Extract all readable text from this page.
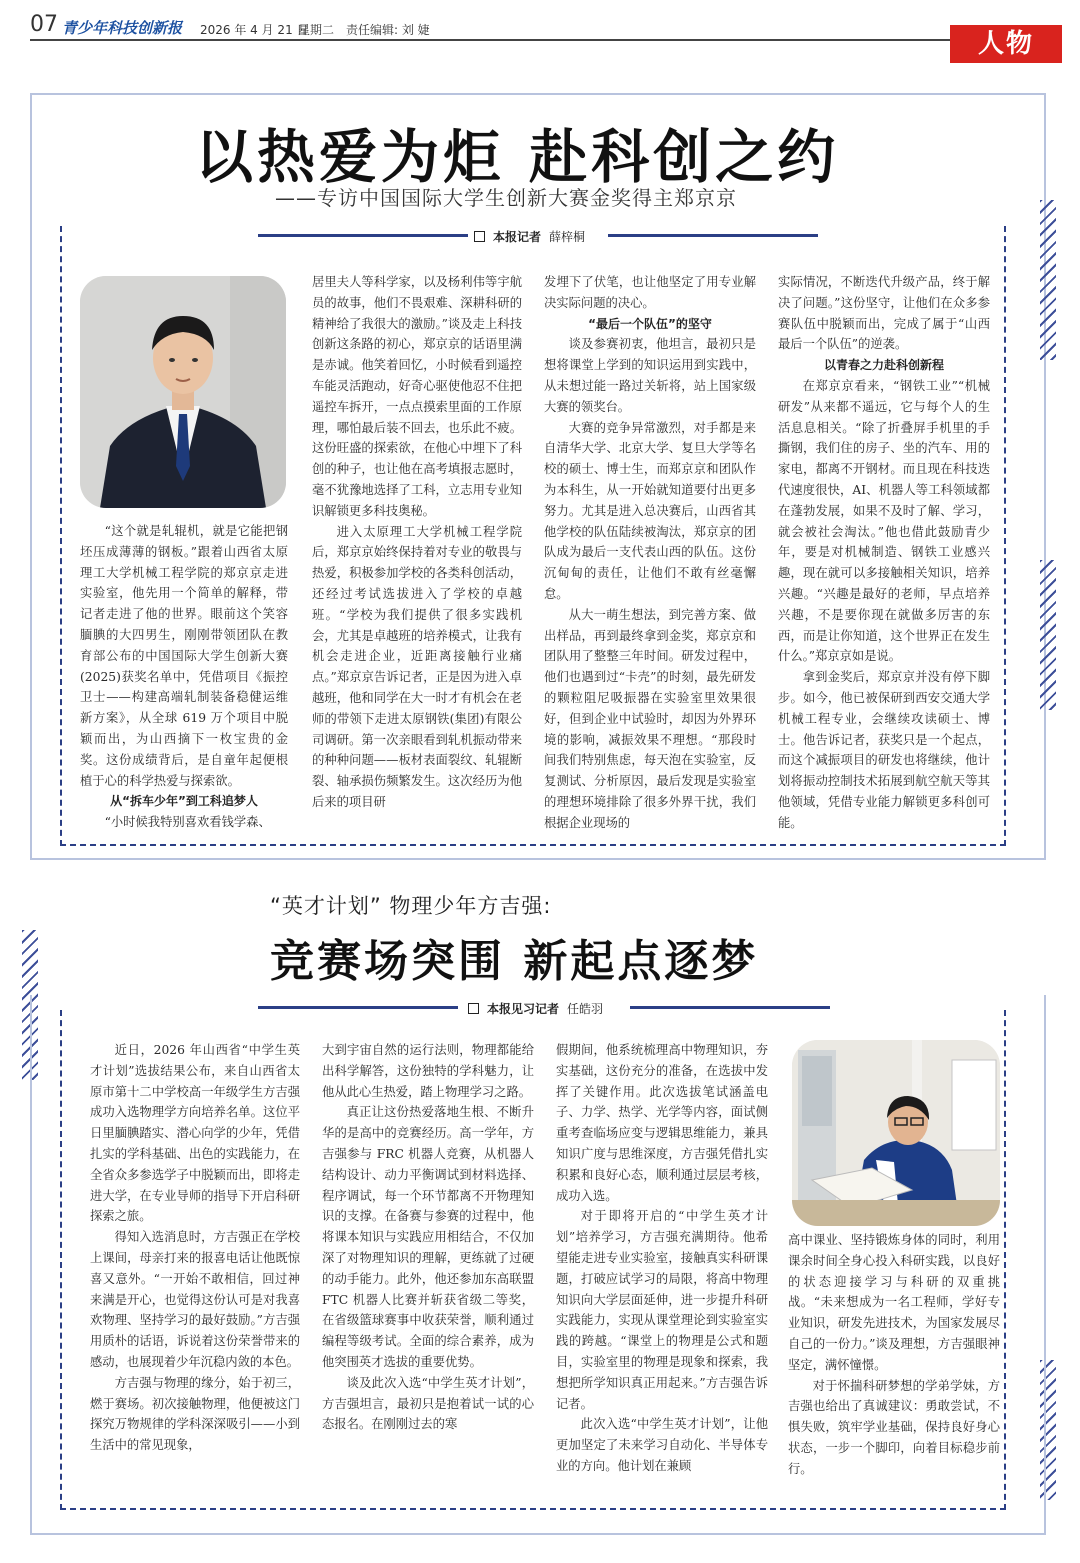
07 青少年科技创新报 2026 年 4 月 21 日
星期二 责任编辑: 刘 婕	人物
以热爱为炬 赴科创之约
——专访中国国际大学生创新大赛金奖得主郑京京
本报记者 薛梓桐

“这个就是轧辊机，就是它能把钢坯压成薄薄的钢板。”跟着山西省太原理工大学机械工程学院的郑京京走进实验室，他先用一个简单的解释，带记者走进了他的世界。眼前这个笑容腼腆的大四男生，刚刚带领团队在教育部公布的中国国际大学生创新大赛(2025)获奖名单中，凭借项目《振控卫士——构建高端轧制装备稳健运维新方案》，从全球 619 万个项目中脱颖而出，为山西摘下一枚宝贵的金奖。这份成绩背后，是自童年起便根植于心的科学热爱与探索欲。

从“拆车少年”到工科追梦人

“小时候我特别喜欢看钱学森、

居里夫人等科学家，以及杨利伟等宇航员的故事，他们不畏艰难、深耕科研的精神给了我很大的激励。”谈及走上科技创新这条路的初心，郑京京的话语里满是赤诚。他笑着回忆，小时候看到遥控车能灵活跑动，好奇心驱使他忍不住把遥控车拆开，一点点摸索里面的工作原理，哪怕最后装不回去，也乐此不疲。这份旺盛的探索欲，在他心中埋下了科创的种子，也让他在高考填报志愿时，毫不犹豫地选择了工科，立志用专业知识解锁更多科技奥秘。

进入太原理工大学机械工程学院后，郑京京始终保持着对专业的敬畏与热爱，积极参加学校的各类科创活动，还经过考试选拔进入了学校的卓越班。“学校为我们提供了很多实践机会，尤其是卓越班的培养模式，让我有机会走进企业，近距离接触行业痛点。”郑京京告诉记者，正是因为进入卓越班，他和同学在大一时才有机会在老师的带领下走进太原钢铁(集团)有限公司调研。第一次亲眼看到轧机振动带来的种种问题——板材表面裂纹、轧辊断裂、轴承损伤频繁发生。这次经历为他后来的项目研

发埋下了伏笔，也让他坚定了用专业解决实际问题的决心。

“最后一个队伍”的坚守

谈及参赛初衷，他坦言，最初只是想将课堂上学到的知识运用到实践中，从未想过能一路过关斩将，站上国家级大赛的领奖台。

大赛的竞争异常激烈，对手都是来自清华大学、北京大学、复旦大学等名校的硕士、博士生，而郑京京和团队作为本科生，从一开始就知道要付出更多努力。尤其是进入总决赛后，山西省其他学校的队伍陆续被淘汰，郑京京的团队成为最后一支代表山西的队伍。这份沉甸甸的责任，让他们不敢有丝毫懈怠。

从大一萌生想法，到完善方案、做出样品，再到最终拿到金奖，郑京京和团队用了整整三年时间。研发过程中，他们也遇到过“卡壳”的时刻，最先研发的颗粒阻尼吸振器在实验室里效果很好，但到企业中试验时，却因为外界环境的影响，减振效果不理想。“那段时间我们特别焦虑，每天泡在实验室，反复测试、分析原因，最后发现是实验室的理想环境排除了很多外界干扰，我们根据企业现场的

实际情况，不断迭代升级产品，终于解决了问题。”这份坚守，让他们在众多参赛队伍中脱颖而出，完成了属于“山西最后一个队伍”的逆袭。

以青春之力赴科创新程

在郑京京看来，“钢铁工业”“机械研发”从来都不遥远，它与每个人的生活息息相关。“除了折叠屏手机里的手撕钢，我们住的房子、坐的汽车、用的家电，都离不开钢材。而且现在科技迭代速度很快，AI、机器人等工科领域都在蓬勃发展，如果不及时了解、学习，就会被社会淘汰。”他也借此鼓励青少年，要是对机械制造、钢铁工业感兴趣，现在就可以多接触相关知识，培养兴趣。“兴趣是最好的老师，早点培养兴趣，不是要你现在就做多厉害的东西，而是让你知道，这个世界正在发生什么。”郑京京如是说。

拿到金奖后，郑京京并没有停下脚步。如今，他已被保研到西安交通大学机械工程专业，会继续攻读硕士、博士。他告诉记者，获奖只是一个起点，而这个减振项目的研发也将继续，他计划将振动控制技术拓展到航空航天等其他领域，凭借专业能力解锁更多科创可能。

“英才计划” 物理少年方吉强:
竞赛场突围 新起点逐梦
本报见习记者 任皓羽

近日，2026 年山西省“中学生英才计划”选拔结果公布，来自山西省太原市第十二中学校高一年级学生方吉强成功入选物理学方向培养名单。这位平日里腼腆踏实、潜心向学的少年，凭借扎实的学科基础、出色的实践能力，在全省众多参选学子中脱颖而出，即将走进大学，在专业导师的指导下开启科研探索之旅。

得知入选消息时，方吉强正在学校上课间，母亲打来的报喜电话让他既惊喜又意外。“一开始不敢相信，回过神来满是开心，也觉得这份认可是对我喜欢物理、坚持学习的最好鼓励。”方吉强用质朴的话语，诉说着这份荣誉带来的感动，也展现着少年沉稳内敛的本色。

方吉强与物理的缘分，始于初三，燃于赛场。初次接触物理，他便被这门探究万物规律的学科深深吸引——小到生活中的常见现象，

大到宇宙自然的运行法则，物理都能给出科学解答，这份独特的学科魅力，让他从此心生热爱，踏上物理学习之路。

真正让这份热爱落地生根、不断升华的是高中的竞赛经历。高一学年，方吉强参与 FRC 机器人竞赛，从机器人结构设计、动力平衡调试到材料选择、程序调试，每一个环节都离不开物理知识的支撑。在备赛与参赛的过程中，他将课本知识与实践应用相结合，不仅加深了对物理知识的理解，更练就了过硬的动手能力。此外，他还参加东高联盟 FTC 机器人比赛并斩获省级二等奖，在省级篮球赛事中收获荣誉，顺利通过编程等级考试。全面的综合素养，成为他突围英才选拔的重要优势。

谈及此次入选“中学生英才计划”，方吉强坦言，最初只是抱着试一试的心态报名。在刚刚过去的寒

假期间，他系统梳理高中物理知识，夯实基础，这份充分的准备，在选拔中发挥了关键作用。此次选拔笔试涵盖电子、力学、热学、光学等内容，面试侧重考查临场应变与逻辑思维能力，兼具知识广度与思维深度，方吉强凭借扎实积累和良好心态，顺利通过层层考核，成功入选。

对于即将开启的“中学生英才计划”培养学习，方吉强充满期待。他希望能走进专业实验室，接触真实科研课题，打破应试学习的局限，将高中物理知识向大学层面延伸，进一步提升科研实践能力，实现从课堂理论到实验室实践的跨越。“课堂上的物理是公式和题目，实验室里的物理是现象和探索，我想把所学知识真正用起来。”方吉强告诉记者。

此次入选“中学生英才计划”，让他更加坚定了未来学习自动化、半导体专业的方向。他计划在兼顾

高中课业、坚持锻炼身体的同时，利用课余时间全身心投入科研实践，以良好的状态迎接学习与科研的双重挑战。“未来想成为一名工程师，学好专业知识，研发先进技术，为国家发展尽自己的一份力。”谈及理想，方吉强眼神坚定，满怀憧憬。

对于怀揣科研梦想的学弟学妹，方吉强也给出了真诚建议：勇敢尝试，不惧失败，筑牢学业基础，保持良好身心状态，一步一个脚印，向着目标稳步前行。
